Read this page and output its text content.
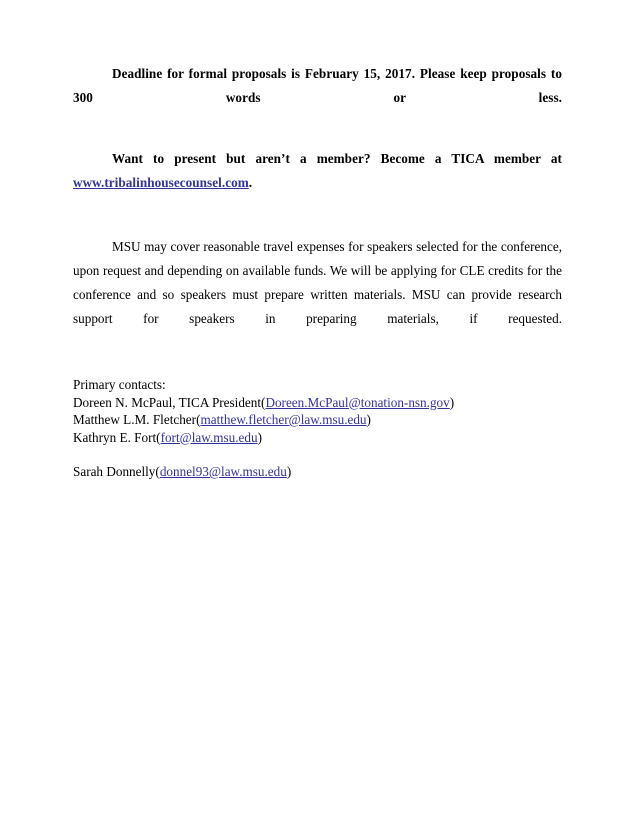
Deadline for formal proposals is February 15, 2017. Please keep proposals to 300 words or less.

Want to present but aren’t a member? Become a TICA member at www.tribalinhousecounsel.com.

MSU may cover reasonable travel expenses for speakers selected for the conference, upon request and depending on available funds. We will be applying for CLE credits for the conference and so speakers must prepare written materials. MSU can provide research support for speakers in preparing materials, if requested.

Primary contacts:

Doreen N. McPaul, TICA President(Doreen.McPaul@tonation-nsn.gov)

Matthew L.M. Fletcher(matthew.fletcher@law.msu.edu)

Kathryn E. Fort(fort@law.msu.edu)

Sarah Donnelly(donnel93@law.msu.edu)
